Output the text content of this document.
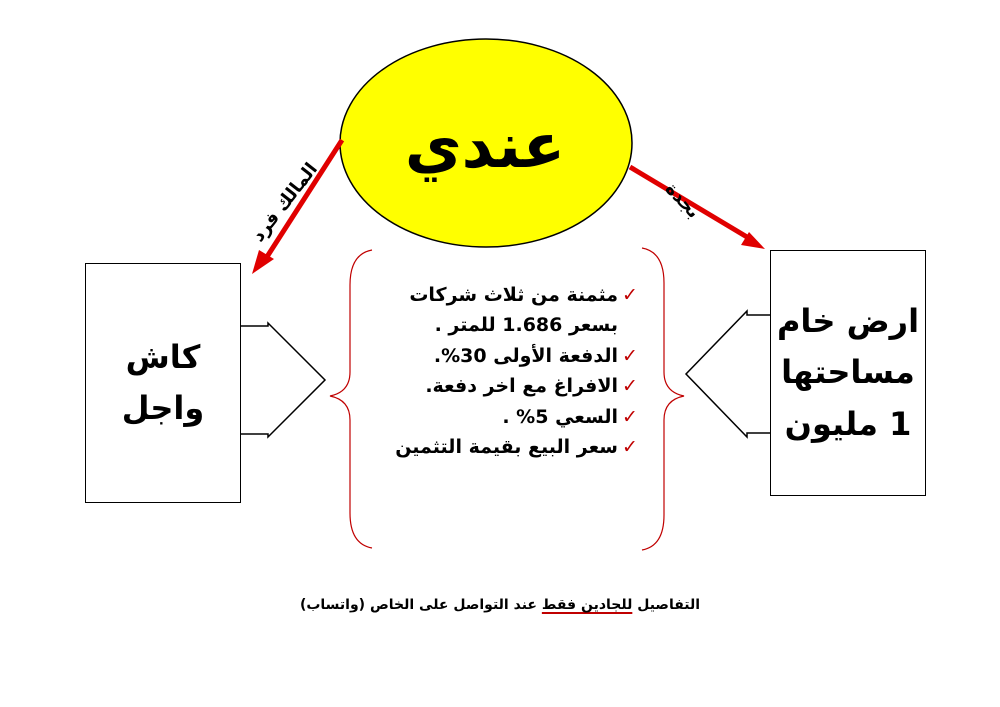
عندي
المالك فرد	بجدة
كاش
واجل
ارض خام
مساحتها
1 مليون
✓مثمنة من ثلاث شركات
بسعر 1.686 للمتر .
✓الدفعة الأولى 30%.
✓الافراغ مع اخر دفعة.
✓السعي 5% .
✓سعر البيع بقيمة التثمين
التفاصيل للجادين فقط عند التواصل على الخاص (واتساب)
